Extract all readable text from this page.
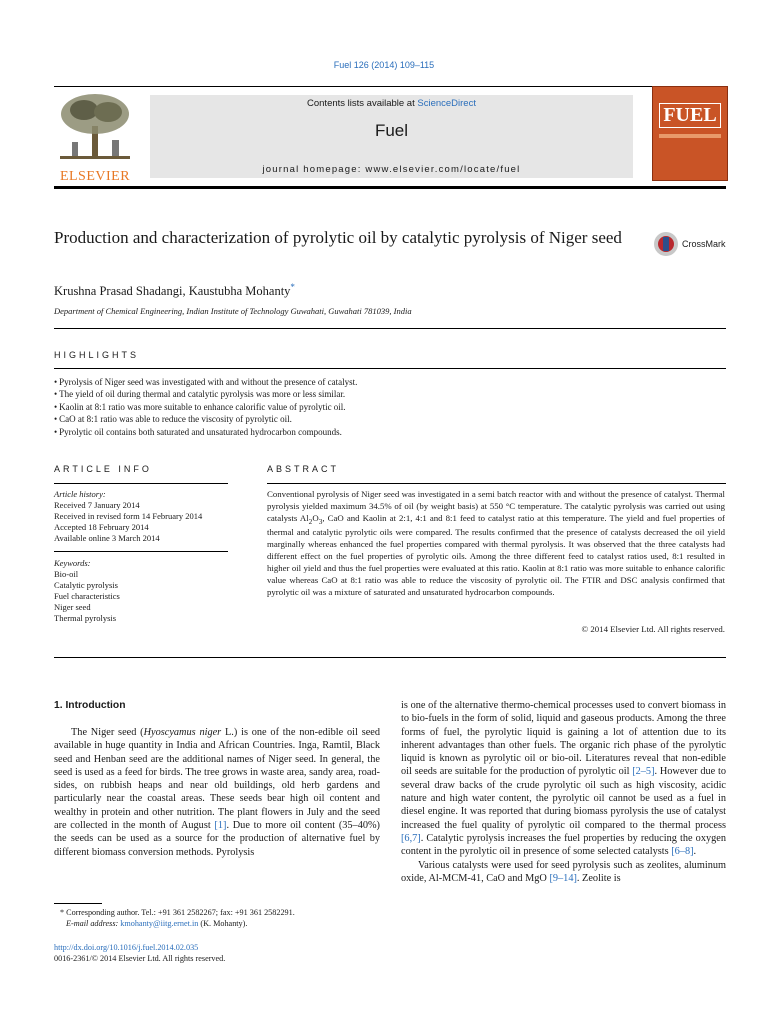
Fuel 126 (2014) 109–115
ELSEVIER
Contents lists available at ScienceDirect
Fuel
journal homepage: www.elsevier.com/locate/fuel
FUEL
Production and characterization of pyrolytic oil by catalytic pyrolysis of Niger seed	CrossMark
Krushna Prasad Shadangi, Kaustubha Mohanty*
Department of Chemical Engineering, Indian Institute of Technology Guwahati, Guwahati 781039, India
HIGHLIGHTS
• Pyrolysis of Niger seed was investigated with and without the presence of catalyst.
• The yield of oil during thermal and catalytic pyrolysis was more or less similar.
• Kaolin at 8:1 ratio was more suitable to enhance calorific value of pyrolytic oil.
• CaO at 8:1 ratio was able to reduce the viscosity of pyrolytic oil.
• Pyrolytic oil contains both saturated and unsaturated hydrocarbon compounds.
ARTICLE INFO
Article history:
Received 7 January 2014
Received in revised form 14 February 2014
Accepted 18 February 2014
Available online 3 March 2014
Keywords:
Bio-oil
Catalytic pyrolysis
Fuel characteristics
Niger seed
Thermal pyrolysis
ABSTRACT
Conventional pyrolysis of Niger seed was investigated in a semi batch reactor with and without the presence of catalyst. Thermal pyrolysis yielded maximum 34.5% of oil (by weight basis) at 550 °C temperature. The catalytic pyrolysis was carried out using catalysts $Al_2O_3$, CaO and Kaolin at 2:1, 4:1 and 8:1 feed to catalyst ratio at this temperature. The yield and fuel properties of thermal and catalytic pyrolytic oils were compared. The results confirmed that the presence of catalysts decreased the oil yield marginally whereas enhanced the fuel properties compared with thermal pyrolysis. It was observed that the three catalysts had different effect on the fuel properties of pyrolytic oils. Among the three different feed to catalyst ratios used, 8:1 resulted in higher oil yield and thus the fuel properties were evaluated at this ratio. Kaolin at 8:1 ratio was more suitable to enhance calorific value whereas CaO at 8:1 ratio was able to reduce the viscosity of pyrolytic oil. The FTIR and DSC analysis confirmed that pyrolytic oil was a mixture of saturated and unsaturated hydrocarbon compounds.
© 2014 Elsevier Ltd. All rights reserved.
1. Introduction
The Niger seed (Hyoscyamus niger L.) is one of the non-edible oil seed available in huge quantity in India and African Countries. Inga, Ramtil, Black seed and Henban seed are the additional names of Niger seed. In general, the seed is used as a feed for birds. The tree grows in waste area, sandy area, road-sides, on rubbish heaps and near old buildings, old herb gardens and particularly near the coastal areas. These seeds bear high oil content and wealthy in protein and other nutrition. The plant flowers in July and the seed are collected in the month of August [1]. Due to more oil content (35–40%) the seeds can be used as a source for the production of alternative fuel by different biomass conversion methods. Pyrolysis
is one of the alternative thermo-chemical processes used to convert biomass in to bio-fuels in the form of solid, liquid and gaseous products. Among the three forms of fuel, the pyrolytic liquid is gaining a lot of attention due to its inherent advantages than other fuels. The organic rich phase of the pyrolytic liquid is known as pyrolytic oil or bio-oil. Literatures reveal that non-edible oil seeds are suitable for the production of pyrolytic oil [2–5]. However due to several draw backs of the crude pyrolytic oil such as high viscosity, acidic nature and high water content, the pyrolytic oil cannot be used as a fuel in diesel engine. It was reported that during biomass pyrolysis the use of catalyst increased the fuel quality of pyrolytic oil compared to the thermal process [6,7]. Catalytic pyrolysis increases the fuel properties by reducing the oxygen content in the pyrolytic oil in presence of some selected catalysts [6–8].
Various catalysts were used for seed pyrolysis such as zeolites, aluminum oxide, Al-MCM-41, CaO and MgO [9–14]. Zeolite is
* Corresponding author. Tel.: +91 361 2582267; fax: +91 361 2582291.
E-mail address: kmohanty@iitg.ernet.in (K. Mohanty).
http://dx.doi.org/10.1016/j.fuel.2014.02.035
0016-2361/© 2014 Elsevier Ltd. All rights reserved.
